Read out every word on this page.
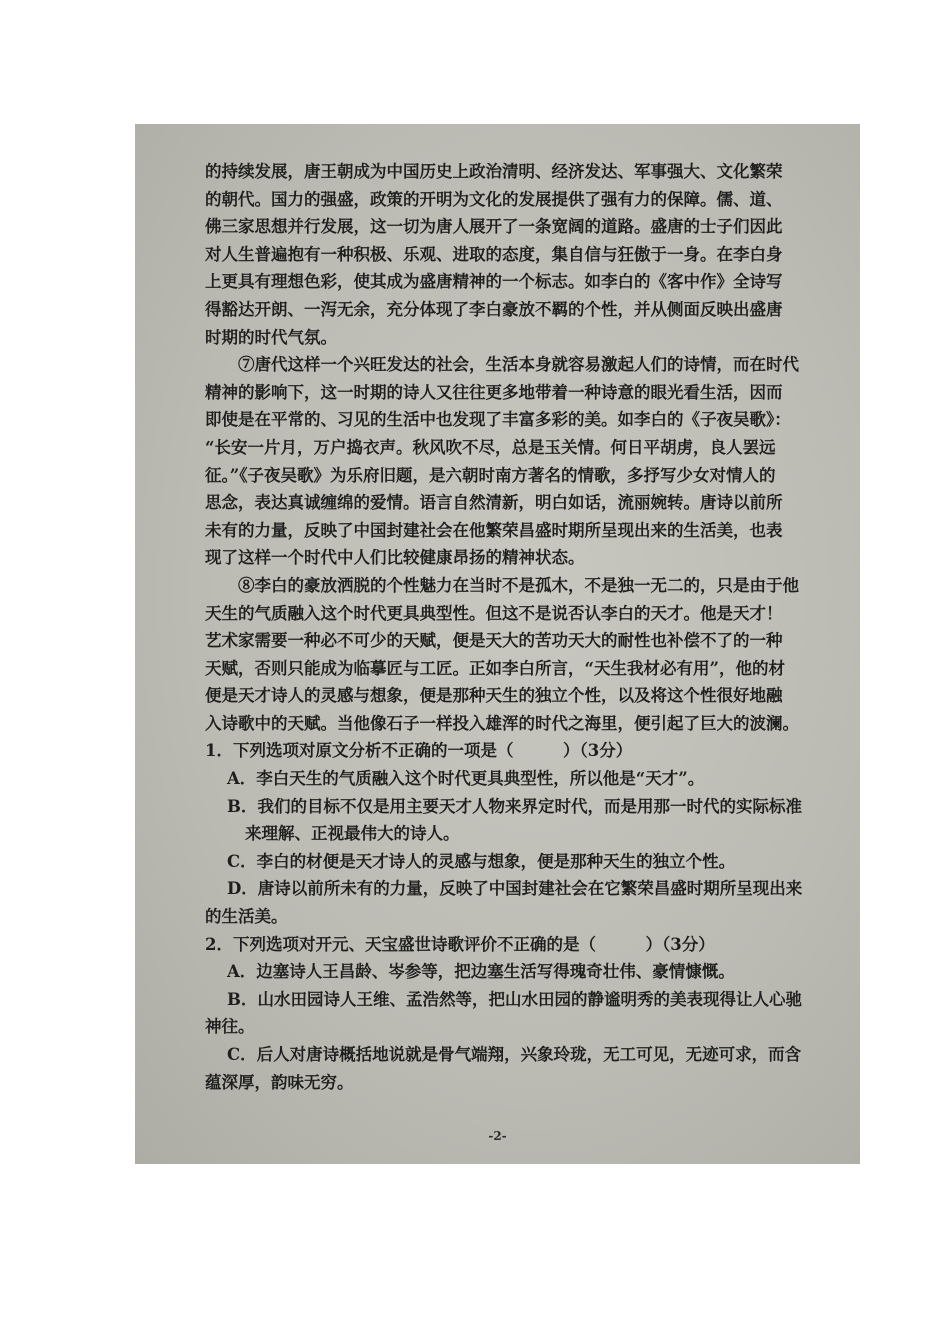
的持续发展，唐王朝成为中国历史上政治清明、经济发达、军事强大、文化繁荣
的朝代。国力的强盛，政策的开明为文化的发展提供了强有力的保障。儒、道、
佛三家思想并行发展，这一切为唐人展开了一条宽阔的道路。盛唐的士子们因此
对人生普遍抱有一种积极、乐观、进取的态度，集自信与狂傲于一身。在李白身
上更具有理想色彩，使其成为盛唐精神的一个标志。如李白的《客中作》全诗写
得豁达开朗、一泻无余，充分体现了李白豪放不羁的个性，并从侧面反映出盛唐
时期的时代气氛。
⑦唐代这样一个兴旺发达的社会，生活本身就容易激起人们的诗情，而在时代
精神的影响下，这一时期的诗人又往往更多地带着一种诗意的眼光看生活，因而
即使是在平常的、习见的生活中也发现了丰富多彩的美。如李白的《子夜吴歌》：
“长安一片月，万户捣衣声。秋风吹不尽，总是玉关情。何日平胡虏，良人罢远
征。”《子夜吴歌》为乐府旧题，是六朝时南方著名的情歌，多抒写少女对情人的
思念，表达真诚缠绵的爱情。语言自然清新，明白如话，流丽婉转。唐诗以前所
未有的力量，反映了中国封建社会在他繁荣昌盛时期所呈现出来的生活美，也表
现了这样一个时代中人们比较健康昂扬的精神状态。
⑧李白的豪放洒脱的个性魅力在当时不是孤木，不是独一无二的，只是由于他
天生的气质融入这个时代更具典型性。但这不是说否认李白的天才。他是天才！
艺术家需要一种必不可少的天赋，便是天大的苦功天大的耐性也补偿不了的一种
天赋，否则只能成为临摹匠与工匠。正如李白所言，“天生我材必有用”，他的材
便是天才诗人的灵感与想象，便是那种天生的独立个性，以及将这个性很好地融
入诗歌中的天赋。当他像石子一样投入雄浑的时代之海里，便引起了巨大的波澜。
1．下列选项对原文分析不正确的一项是（　　　）（3分）
A．李白天生的气质融入这个时代更具典型性，所以他是“天才”。
B．我们的目标不仅是用主要天才人物来界定时代，而是用那一时代的实际标准
来理解、正视最伟大的诗人。
C．李白的材便是天才诗人的灵感与想象，便是那种天生的独立个性。
D．唐诗以前所未有的力量，反映了中国封建社会在它繁荣昌盛时期所呈现出来
的生活美。
2．下列选项对开元、天宝盛世诗歌评价不正确的是（　　　）（3分）
A．边塞诗人王昌龄、岑参等，把边塞生活写得瑰奇壮伟、豪情慷慨。
B．山水田园诗人王维、孟浩然等，把山水田园的静谧明秀的美表现得让人心驰
神往。
C．后人对唐诗概括地说就是骨气端翔，兴象玲珑，无工可见，无迹可求，而含
蕴深厚，韵味无穷。
-2-
